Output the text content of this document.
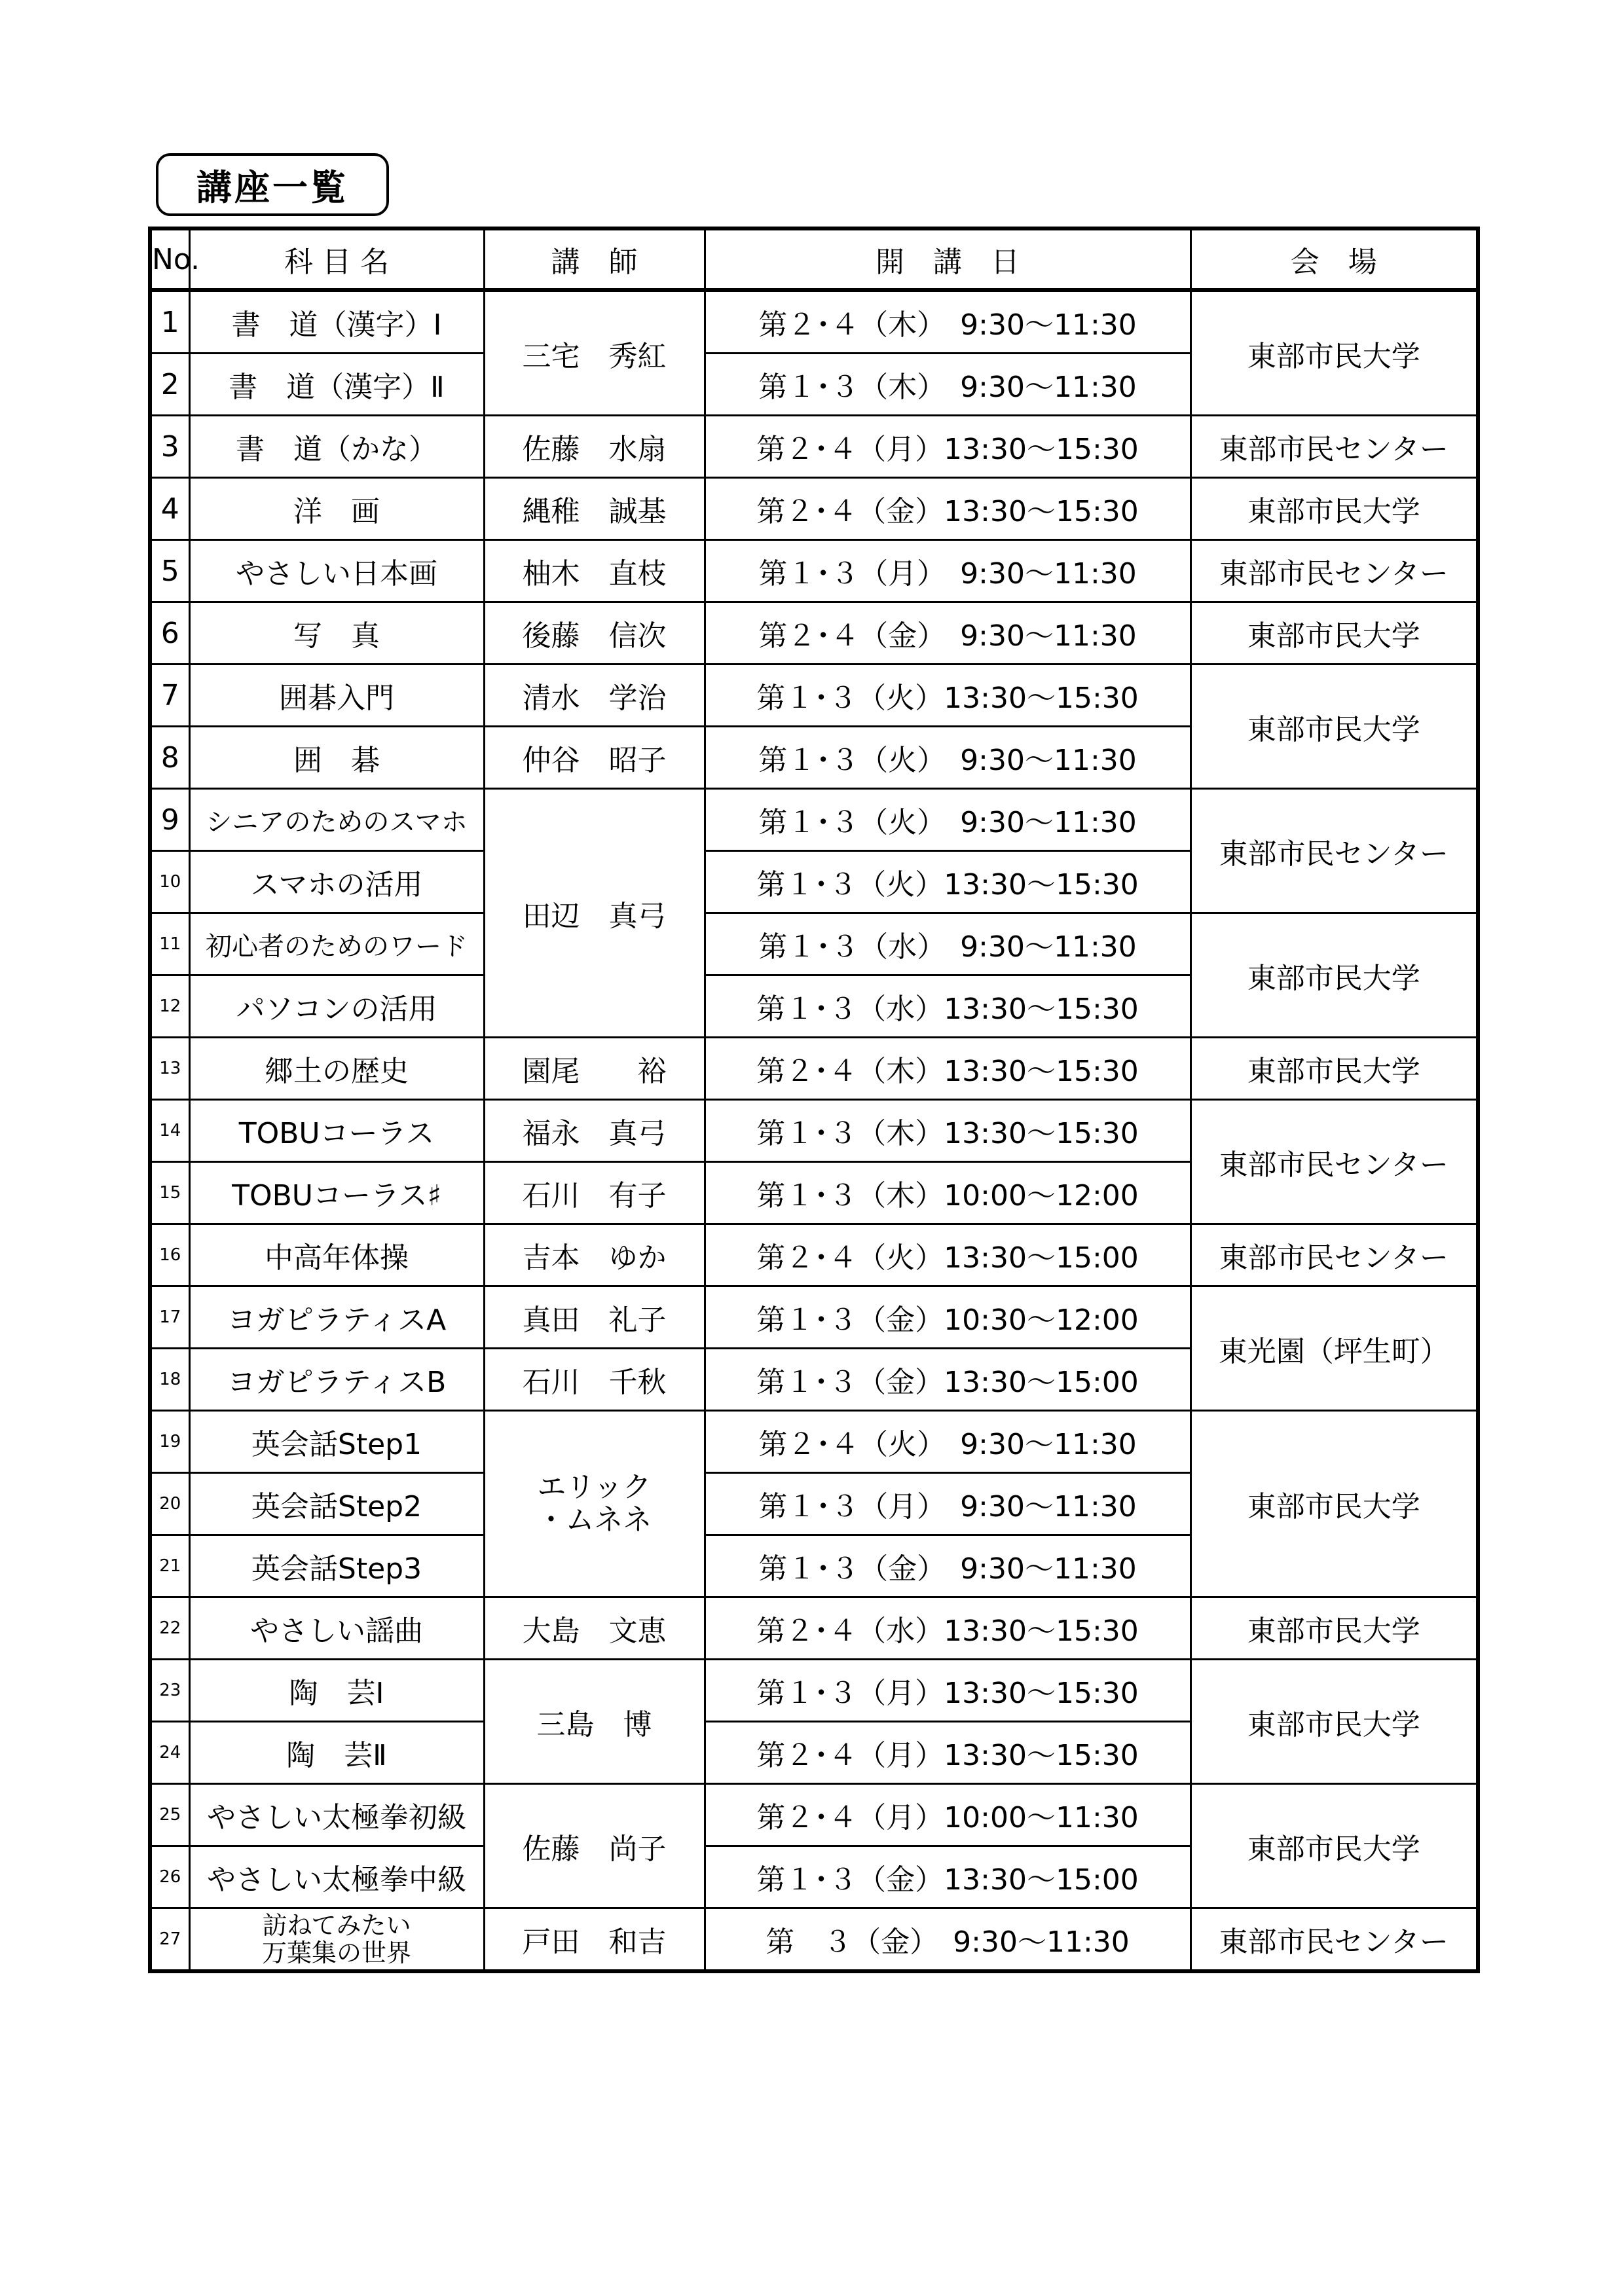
講座一覧
No.	科 目 名	講　師	開　講　日	会　場
1	書　道（漢字）Ⅰ	三宅　秀紅	第２･４（木）　9:30～11:30	東部市民大学
2	書　道（漢字）Ⅱ		第１･３（木）　9:30～11:30	
3	書　道（かな）	佐藤　水扇	第２･４（月）13:30～15:30	東部市民センター
4	洋　画	縄稚　誠基	第２･４（金）13:30～15:30	東部市民大学
5	やさしい日本画	柚木　直枝	第１･３（月）　9:30～11:30	東部市民センター
6	写　真	後藤　信次	第２･４（金）　9:30～11:30	東部市民大学
7	囲碁入門	清水　学治	第１･３（火）13:30～15:30	東部市民大学
8	囲　碁	仲谷　昭子	第１･３（火）　9:30～11:30	
9	シニアのためのスマホ	田辺　真弓	第１･３（火）　9:30～11:30	東部市民センター
10	スマホの活用		第１･３（火）13:30～15:30	
11	初心者のためのワード		第１･３（水）　9:30～11:30	東部市民大学
12	パソコンの活用		第１･３（水）13:30～15:30	
13	郷土の歴史	園尾　　裕	第２･４（木）13:30～15:30	東部市民大学
14	TOBUコーラス	福永　真弓	第１･３（木）13:30～15:30	東部市民センター
15	TOBUコーラス♯	石川　有子	第１･３（木）10:00～12:00	
16	中高年体操	吉本　ゆか	第２･４（火）13:30～15:00	東部市民センター
17	ヨガピラティスA	真田　礼子	第１･３（金）10:30～12:00	東光園（坪生町）
18	ヨガピラティスB	石川　千秋	第１･３（金）13:30～15:00	
19	英会話Step1	エリック
・ムネネ	第２･４（火）　9:30～11:30	東部市民大学
20	英会話Step2		第１･３（月）　9:30～11:30	
21	英会話Step3		第１･３（金）　9:30～11:30	
22	やさしい謡曲	大島　文恵	第２･４（水）13:30～15:30	東部市民大学
23	陶　芸Ⅰ	三島　博	第１･３（月）13:30～15:30	東部市民大学
24	陶　芸Ⅱ		第２･４（月）13:30～15:30	
25	やさしい太極拳初級	佐藤　尚子	第２･４（月）10:00～11:30	東部市民大学
26	やさしい太極拳中級		第１･３（金）13:30～15:00	
27	訪ねてみたい
万葉集の世界	戸田　和吉	第　３（金）　9:30～11:30	東部市民センター
